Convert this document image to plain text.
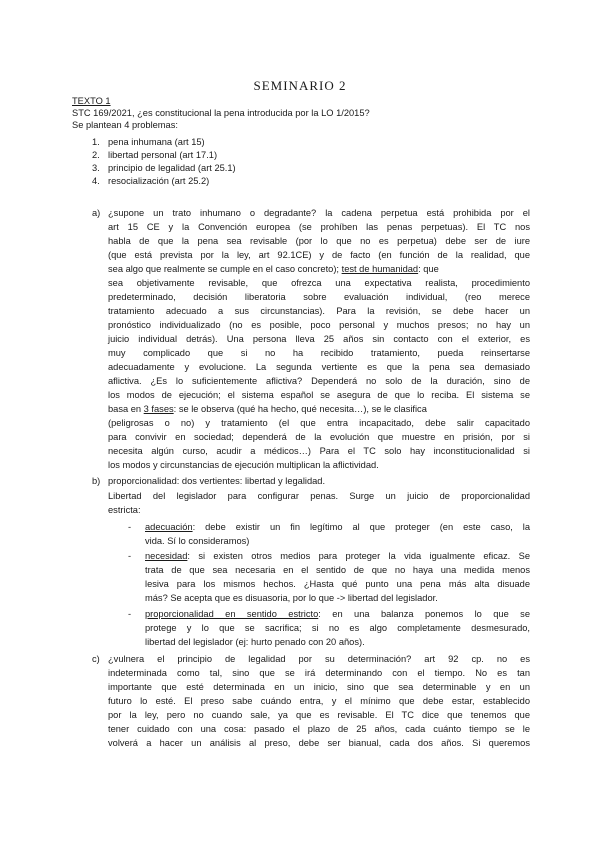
SEMINARIO 2
TEXTO 1
STC 169/2021, ¿es constitucional la pena introducida por la LO 1/2015?
Se plantean 4 problemas:
1. pena inhumana (art 15)
2. libertad personal (art 17.1)
3. principio de legalidad (art 25.1)
4. resocialización (art 25.2)
a) ¿supone un trato inhumano o degradante? la cadena perpetua está prohibida por el
art 15 CE y la Convención europea (se prohíben las penas perpetuas). El TC nos
habla de que la pena sea revisable (por lo que no es perpetua) debe ser de iure
(que está prevista por la ley, art 92.1CE) y de facto (en función de la realidad, que
sea algo que realmente se cumple en el caso concreto); test de humanidad: que
sea objetivamente revisable, que ofrezca una expectativa realista, procedimiento
predeterminado, decisión liberatoria sobre evaluación individual, (reo merece
tratamiento adecuado a sus circunstancias). Para la revisión, se debe hacer un
pronóstico individualizado (no es posible, poco personal y muchos presos; no hay un
juicio individual detrás). Una persona lleva 25 años sin contacto con el exterior, es
muy complicado que si no ha recibido tratamiento, pueda reinsertarse
adecuadamente y evolucione. La segunda vertiente es que la pena sea demasiado
aflictiva. ¿Es lo suficientemente aflictiva? Dependerá no solo de la duración, sino de
los modos de ejecución; el sistema español se asegura de que lo reciba. El sistema se
basa en 3 fases: se le observa (qué ha hecho, qué necesita…), se le clasifica
(peligrosas o no) y tratamiento (el que entra incapacitado, debe salir capacitado
para convivir en sociedad; dependerá de la evolución que muestre en prisión, por si
necesita algún curso, acudir a médicos…) Para el TC solo hay inconstitucionalidad si
los modos y circunstancias de ejecución multiplican la aflictividad.
b) proporcionalidad: dos vertientes: libertad y legalidad.
Libertad del legislador para configurar penas. Surge un juicio de proporcionalidad
estricta:
- adecuación: debe existir un fin legítimo al que proteger (en este caso, la
vida. Sí lo consideramos)
- necesidad: si existen otros medios para proteger la vida igualmente eficaz. Se
trata de que sea necesaria en el sentido de que no haya una medida menos
lesiva para los mismos hechos. ¿Hasta qué punto una pena más alta disuade
más? Se acepta que es disuasoria, por lo que -> libertad del legislador.
- proporcionalidad en sentido estricto: en una balanza ponemos lo que se
protege y lo que se sacrifica; si no es algo completamente desmesurado,
libertad del legislador (ej: hurto penado con 20 años).
c) ¿vulnera el principio de legalidad por su determinación? art 92 cp. no es
indeterminada como tal, sino que se irá determinando con el tiempo. No es tan
importante que esté determinada en un inicio, sino que sea determinable y en un
futuro lo esté. El preso sabe cuándo entra, y el mínimo que debe estar, establecido
por la ley, pero no cuando sale, ya que es revisable. El TC dice que tenemos que
tener cuidado con una cosa: pasado el plazo de 25 años, cada cuánto tiempo se le
volverá a hacer un análisis al preso, debe ser bianual, cada dos años. Si queremos
